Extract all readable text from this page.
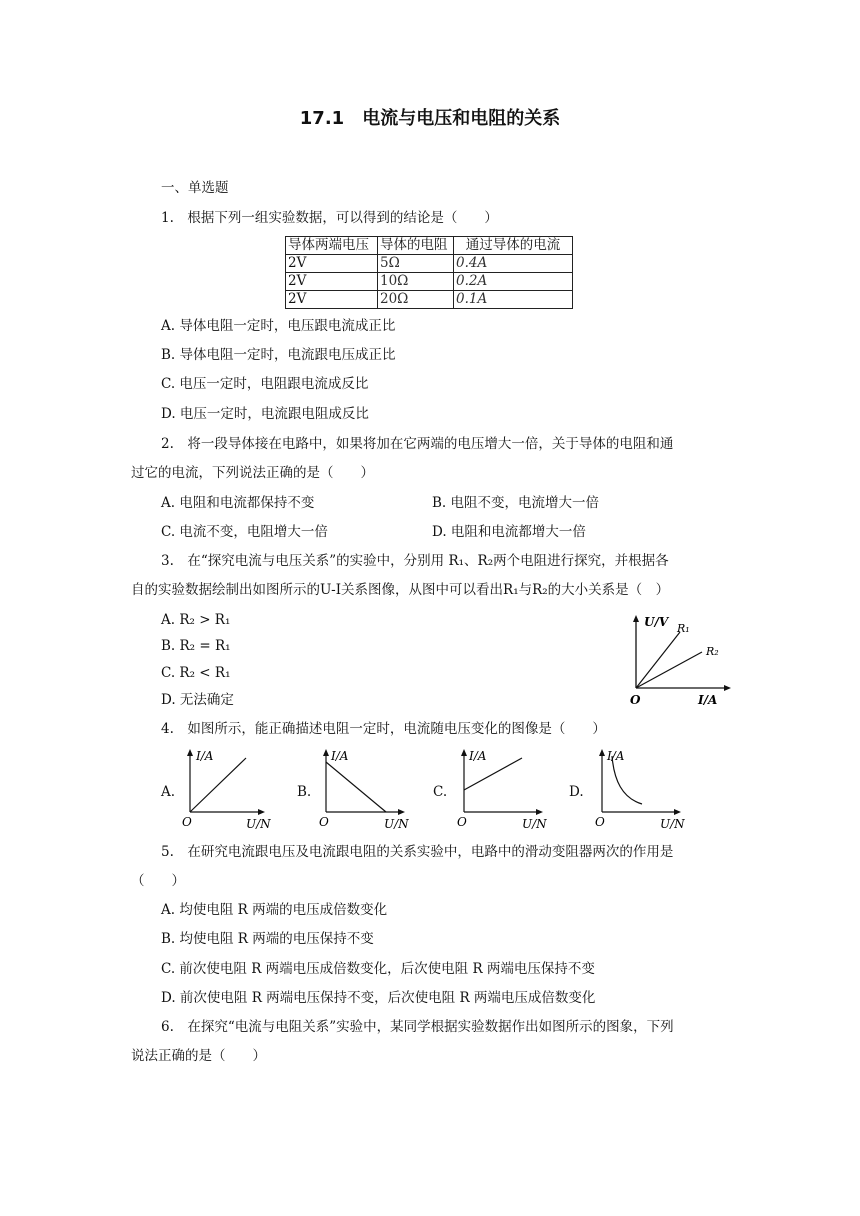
17.1 电流与电压和电阻的关系
一、单选题
1.　根据下列一组实验数据，可以得到的结论是（　　）
导体两端电压	导体的电阻	通过导体的电流
2V	5Ω	0.4A
2V	10Ω	0.2A
2V	20Ω	0.1A
A. 导体电阻一定时，电压跟电流成正比
B. 导体电阻一定时，电流跟电压成正比
C. 电压一定时，电阻跟电流成反比
D. 电压一定时，电流跟电阻成反比
2.　将一段导体接在电路中，如果将加在它两端的电压增大一倍，关于导体的电阻和通
过它的电流，下列说法正确的是（　　）
A. 电阻和电流都保持不变	B. 电阻不变，电流增大一倍
C. 电流不变，电阻增大一倍	D. 电阻和电流都增大一倍
3.　在“探究电流与电压关系”的实验中，分别用 R₁、R₂两个电阻进行探究，并根据各
自的实验数据绘制出如图所示的U-I关系图像，从图中可以看出R₁与R₂的大小关系是（　）
A. R₂ > R₁
B. R₂ = R₁
C. R₂ < R₁
D. 无法确定
U/V
I/A
O
R₁
R₂
4.　如图所示，能正确描述电阻一定时，电流随电压变化的图像是（　　）
A.
I/A
U/N
O
B.
I/A
U/N
O
C.
I/A
U/N
O
D.
I/A
U/N
O
5.　在研究电流跟电压及电流跟电阻的关系实验中，电路中的滑动变阻器两次的作用是
（　　）
A. 均使电阻 R 两端的电压成倍数变化
B. 均使电阻 R 两端的电压保持不变
C. 前次使电阻 R 两端电压成倍数变化，后次使电阻 R 两端电压保持不变
D. 前次使电阻 R 两端电压保持不变，后次使电阻 R 两端电压成倍数变化
6.　在探究“电流与电阻关系”实验中，某同学根据实验数据作出如图所示的图象，下列
说法正确的是（　　）
